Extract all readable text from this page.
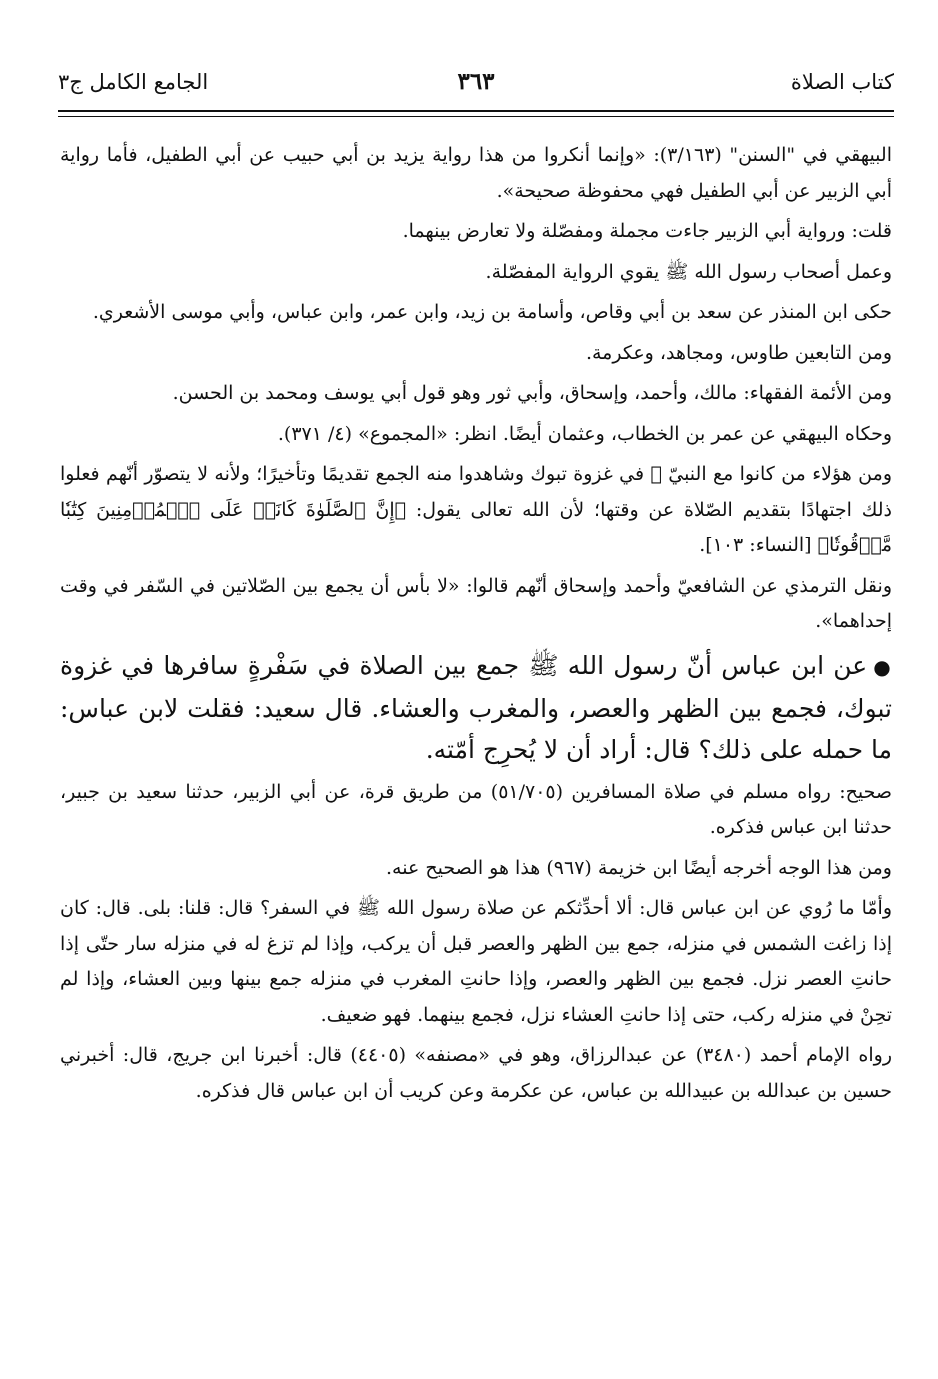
كتاب الصلاة
٣٦٣
الجامع الكامل ج٣

البيهقي في "السنن" (٣/١٦٣): «وإنما أنكروا من هذا رواية يزيد بن أبي حبيب عن أبي الطفيل، فأما رواية أبي الزبير عن أبي الطفيل فهي محفوظة صحيحة».

قلت: ورواية أبي الزبير جاءت مجملة ومفصّلة ولا تعارض بينهما.

وعمل أصحاب رسول الله ﷺ يقوي الرواية المفصّلة.

حكى ابن المنذر عن سعد بن أبي وقاص، وأسامة بن زيد، وابن عمر، وابن عباس، وأبي موسى الأشعري.

ومن التابعين طاوس، ومجاهد، وعكرمة.

ومن الأئمة الفقهاء: مالك، وأحمد، وإسحاق، وأبي ثور وهو قول أبي يوسف ومحمد بن الحسن.

وحكاه البيهقي عن عمر بن الخطاب، وعثمان أيضًا. انظر: «المجموع» (٤/ ٣٧١).

ومن هؤلاء من كانوا مع النبيّ ﷺ في غزوة تبوك وشاهدوا منه الجمع تقديمًا وتأخيرًا؛ ولأنه لا يتصوّر أنّهم فعلوا ذلك اجتهادًا بتقديم الصّلاة عن وقتها؛ لأن الله تعالى يقول: ﴿إِنَّ ٱلصَّلَوٰةَ كَانَتۡ عَلَى ٱلۡمُؤۡمِنِينَ كِتَٰبٗا مَّوۡقُوتٗا﴾ [النساء: ١٠٣].

ونقل الترمذي عن الشافعيّ وأحمد وإسحاق أنّهم قالوا: «لا بأس أن يجمع بين الصّلاتين في السّفر في وقت إحداهما».

●عن ابن عباس أنّ رسول الله ﷺ جمع بين الصلاة في سَفْرةٍ سافرها في غزوة تبوك، فجمع بين الظهر والعصر، والمغرب والعشاء. قال سعيد: فقلت لابن عباس: ما حمله على ذلك؟ قال: أراد أن لا يُحرِج أمّته.

صحيح: رواه مسلم في صلاة المسافرين (٥١/٧٠٥) من طريق قرة، عن أبي الزبير، حدثنا سعيد بن جبير، حدثنا ابن عباس فذكره.

ومن هذا الوجه أخرجه أيضًا ابن خزيمة (٩٦٧) هذا هو الصحيح عنه.

وأمّا ما رُوي عن ابن عباس قال: ألا أحدِّثكم عن صلاة رسول الله ﷺ في السفر؟ قال: قلنا: بلى. قال: كان إذا زاغت الشمس في منزله، جمع بين الظهر والعصر قبل أن يركب، وإذا لم تزغ له في منزله سار حتّى إذا حانتِ العصر نزل. فجمع بين الظهر والعصر، وإذا حانتِ المغرب في منزله جمع بينها وبين العشاء، وإذا لم تحِنْ في منزله ركب، حتى إذا حانتِ العشاء نزل، فجمع بينهما. فهو ضعيف.

رواه الإمام أحمد (٣٤٨٠) عن عبدالرزاق، وهو في «مصنفه» (٤٤٠٥) قال: أخبرنا ابن جريج، قال: أخبرني حسين بن عبدالله بن عبيدالله بن عباس، عن عكرمة وعن كريب أن ابن عباس قال فذكره.
